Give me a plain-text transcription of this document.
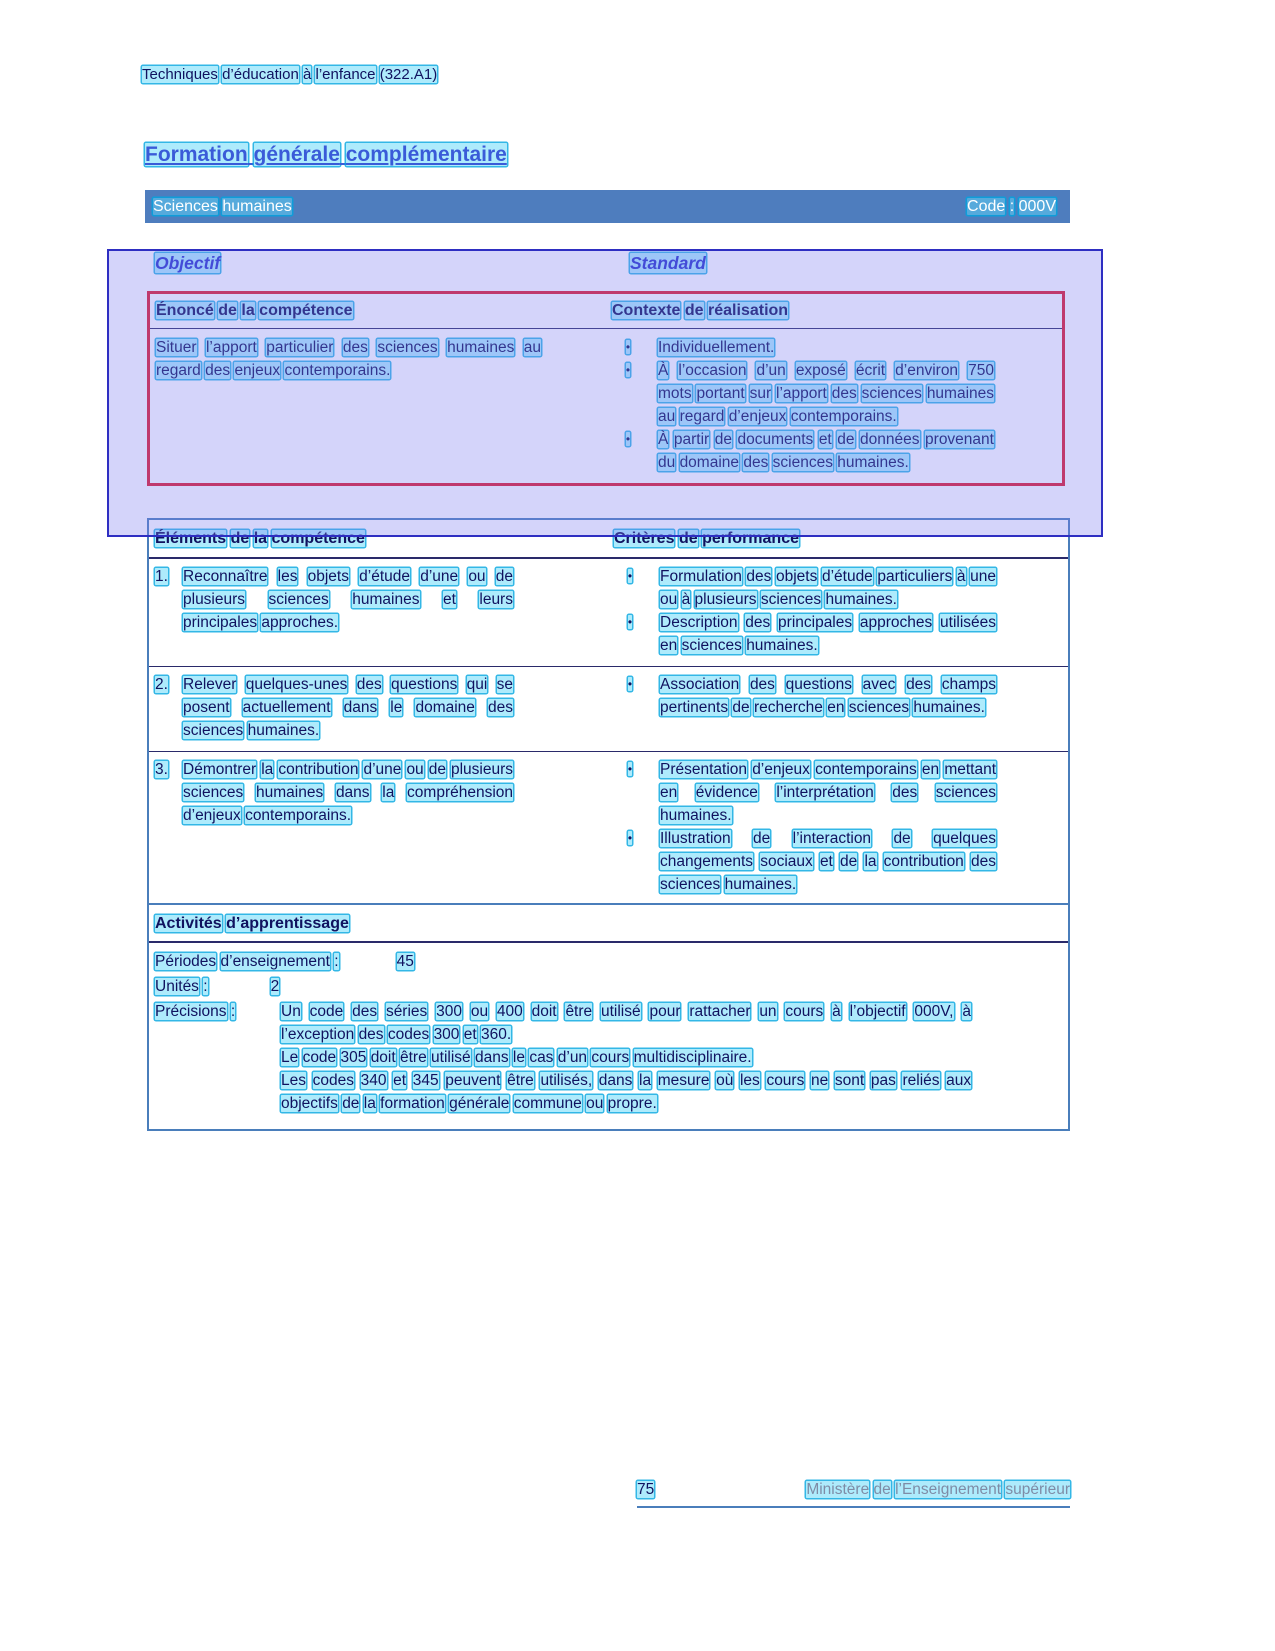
Techniques d’éducation à l’enfance (322.A1)
Formation générale complémentaire
Sciences humaines	Code : 000V
Objectif	Standard
Énoncé de la compétence	Contexte de réalisation

Situer l’apport particulier des sciences humaines au regard des enjeux contemporains.

• Individuellement.
• À l’occasion d’un exposé écrit d’environ 750 mots portant sur l’apport des sciences humaines au regard d’enjeux contemporains.
• À partir de documents et de données provenant du domaine des sciences humaines.
Éléments de la compétence	Critères de performance
1. Reconnaître les objets d’étude d’une ou de plusieurs sciences humaines et leurs principales approches.

• Formulation des objets d’étude particuliers à une ou à plusieurs sciences humaines.
• Description des principales approches utilisées en sciences humaines.
2. Relever quelques-unes des questions qui se posent actuellement dans le domaine des sciences humaines.

• Association des questions avec des champs pertinents de recherche en sciences humaines.
3. Démontrer la contribution d’une ou de plusieurs sciences humaines dans la compréhension d’enjeux contemporains.

• Présentation d’enjeux contemporains en mettant en évidence l’interprétation des sciences humaines.
• Illustration de l’interaction de quelques changements sociaux et de la contribution des sciences humaines.
Activités d’apprentissage
Périodes d’enseignement :	45
Unités :	2
Précisions :	Un code des séries 300 ou 400 doit être utilisé pour rattacher un cours à l’objectif 000V, à l’exception des codes 300 et 360.

Le code 305 doit être utilisé dans le cas d’un cours multidisciplinaire.

Les codes 340 et 345 peuvent être utilisés, dans la mesure où les cours ne sont pas reliés aux objectifs de la formation générale commune ou propre.

75	Ministère de l’Enseignement supérieur
